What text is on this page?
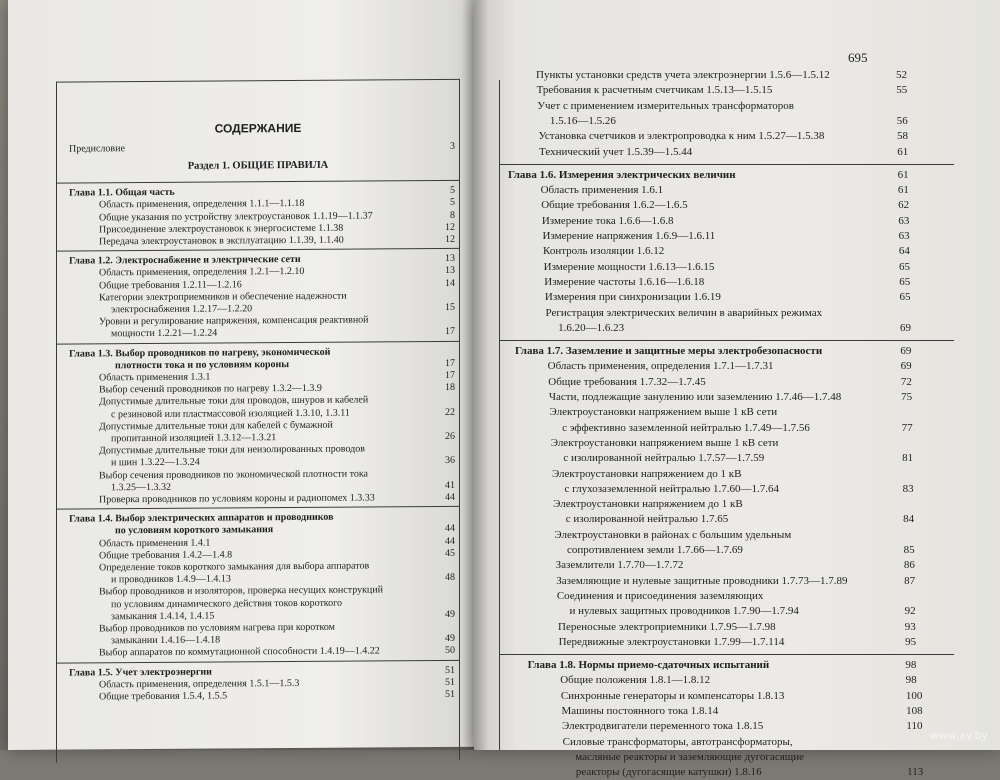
СОДЕРЖАНИЕ
Предисловие	3
Раздел 1. ОБЩИЕ ПРАВИЛА
Глава 1.1. Общая часть	5
Область применения, определения 1.1.1—1.1.18	5
Общие указания по устройству электроустановок 1.1.19—1.1.37	8
Присоединение электроустановок к энергосистеме 1.1.38	12
Передача электроустановок в эксплуатацию 1.1.39, 1.1.40	12
Глава 1.2. Электроснабжение и электрические сети	13
Область применения, определения 1.2.1—1.2.10	13
Общие требования 1.2.11—1.2.16	14
Категории электроприемников и обеспечение надежности
электроснабжения 1.2.17—1.2.20	15
Уровни и регулирование напряжения, компенсация реактивной
мощности 1.2.21—1.2.24	17
Глава 1.3. Выбор проводников по нагреву, экономической
плотности тока и по условиям короны	17
Область применения 1.3.1	17
Выбор сечений проводников по нагреву 1.3.2—1.3.9	18
Допустимые длительные токи для проводов, шнуров и кабелей
с резиновой или пластмассовой изоляцией 1.3.10, 1.3.11	22
Допустимые длительные токи для кабелей с бумажной
пропитанной изоляцией 1.3.12—1.3.21	26
Допустимые длительные токи для неизолированных проводов
и шин 1.3.22—1.3.24	36
Выбор сечения проводников по экономической плотности тока
1.3.25—1.3.32	41
Проверка проводников по условиям короны и радиопомех 1.3.33	44
Глава 1.4. Выбор электрических аппаратов и проводников
по условиям короткого замыкания	44
Область применения 1.4.1	44
Общие требования 1.4.2—1.4.8	45
Определение токов короткого замыкания для выбора аппаратов
и проводников 1.4.9—1.4.13	48
Выбор проводников и изоляторов, проверка несущих конструкций
по условиям динамического действия токов короткого
замыкания 1.4.14, 1.4.15	49
Выбор проводников по условиям нагрева при коротком
замыкании 1.4.16—1.4.18	49
Выбор аппаратов по коммутационной способности 1.4.19—1.4.22	50
Глава 1.5. Учет электроэнергии	51
Область применения, определения 1.5.1—1.5.3	51
Общие требования 1.5.4, 1.5.5	51
695
Пункты установки средств учета электроэнергии 1.5.6—1.5.12	52
Требования к расчетным счетчикам 1.5.13—1.5.15	55
Учет с применением измерительных трансформаторов
1.5.16—1.5.26	56
Установка счетчиков и электропроводка к ним 1.5.27—1.5.38	58
Технический учет 1.5.39—1.5.44	61
Глава 1.6. Измерения электрических величин	61
Область применения 1.6.1	61
Общие требования 1.6.2—1.6.5	62
Измерение тока 1.6.6—1.6.8	63
Измерение напряжения 1.6.9—1.6.11	63
Контроль изоляции 1.6.12	64
Измерение мощности 1.6.13—1.6.15	65
Измерение частоты 1.6.16—1.6.18	65
Измерения при синхронизации 1.6.19	65
Регистрация электрических величин в аварийных режимах
1.6.20—1.6.23	69
Глава 1.7. Заземление и защитные меры электробезопасности	69
Область применения, определения 1.7.1—1.7.31	69
Общие требования 1.7.32—1.7.45	72
Части, подлежащие занулению или заземлению 1.7.46—1.7.48	75
Электроустановки напряжением выше 1 кВ сети
с эффективно заземленной нейтралью 1.7.49—1.7.56	77
Электроустановки напряжением выше 1 кВ сети
с изолированной нейтралью 1.7.57—1.7.59	81
Электроустановки напряжением до 1 кВ
с глухозаземленной нейтралью 1.7.60—1.7.64	83
Электроустановки напряжением до 1 кВ
с изолированной нейтралью 1.7.65	84
Электроустановки в районах с большим удельным
сопротивлением земли 1.7.66—1.7.69	85
Заземлители 1.7.70—1.7.72	86
Заземляющие и нулевые защитные проводники 1.7.73—1.7.89	87
Соединения и присоединения заземляющих
и нулевых защитных проводников 1.7.90—1.7.94	92
Переносные электроприемники 1.7.95—1.7.98	93
Передвижные электроустановки 1.7.99—1.7.114	95
Глава 1.8. Нормы приемо-сдаточных испытаний	98
Общие положения 1.8.1—1.8.12	98
Синхронные генераторы и компенсаторы 1.8.13	100
Машины постоянного тока 1.8.14	108
Электродвигатели переменного тока 1.8.15	110
Силовые трансформаторы, автотрансформаторы,
масляные реакторы и заземляющие дугогасящие
реакторы (дугогасящие катушки) 1.8.16	113
www.ay.by
